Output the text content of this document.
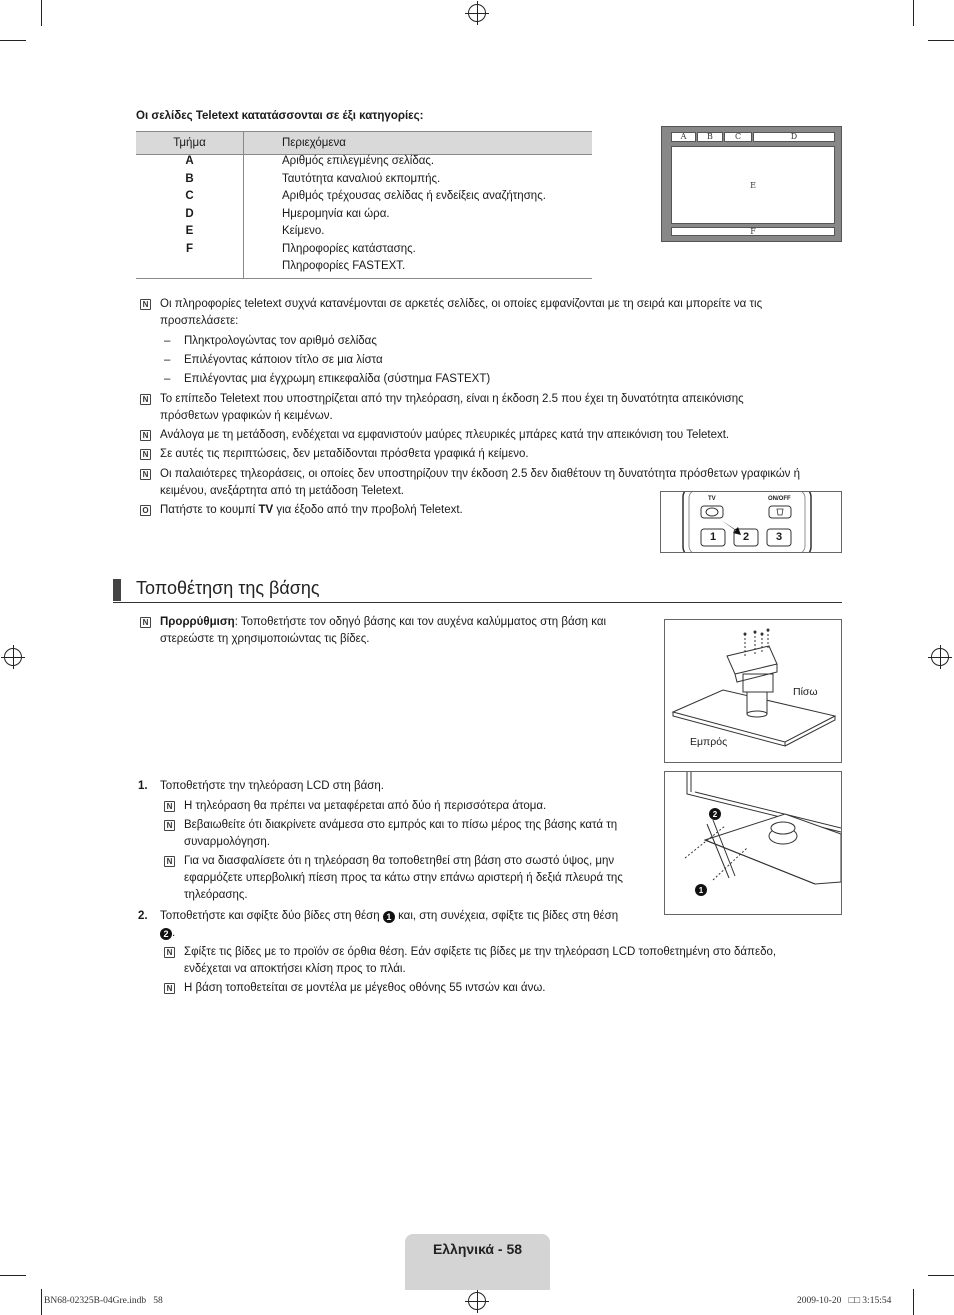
Οι σελίδες Teletext κατατάσσονται σε έξι κατηγορίες:
Τμήμα	Περιεχόμενα
A	Αριθμός επιλεγμένης σελίδας.
B	Ταυτότητα καναλιού εκπομπής.
C	Αριθμός τρέχουσας σελίδας ή ενδείξεις αναζήτησης.
D	Ημερομηνία και ώρα.
E	Κείμενο.
F	Πληροφορίες κατάστασης.
	Πληροφορίες FASTEXT.
A	B	C	D
E
F
N
Οι πληροφορίες teletext συχνά κατανέμονται σε αρκετές σελίδες, οι οποίες εμφανίζονται με τη σειρά και μπορείτε να τις
προσπελάσετε:
– Πληκτρολογώντας τον αριθμό σελίδας
– Επιλέγοντας κάποιον τίτλο σε μια λίστα
– Επιλέγοντας μια έγχρωμη επικεφαλίδα (σύστημα FASTEXT)
N
Το επίπεδο Teletext που υποστηρίζεται από την τηλεόραση, είναι η έκδοση 2.5 που έχει τη δυνατότητα απεικόνισης
πρόσθετων γραφικών ή κειμένων.
N
Ανάλογα με τη μετάδοση, ενδέχεται να εμφανιστούν μαύρες πλευρικές μπάρες κατά την απεικόνιση του Teletext.
N
Σε αυτές τις περιπτώσεις, δεν μεταδίδονται πρόσθετα γραφικά ή κείμενο.
N
Οι παλαιότερες τηλεοράσεις, οι οποίες δεν υποστηρίζουν την έκδοση 2.5 δεν διαθέτουν τη δυνατότητα πρόσθετων γραφικών ή
κειμένου, ανεξάρτητα από τη μετάδοση Teletext.
O
Πατήστε το κουμπί TV για έξοδο από την προβολή Teletext.
TV	ON/OFF
1	2	3
Τοποθέτηση της βάσης
N
Προρρύθμιση: Τοποθετήστε τον οδηγό βάσης και τον αυχένα καλύμματος στη βάση και
στερεώστε τη χρησιμοποιώντας τις βίδες.
Πίσω
Εμπρός
2
1
1. Τοποθετήστε την τηλεόραση LCD στη βάση.
N
Η τηλεόραση θα πρέπει να μεταφέρεται από δύο ή περισσότερα άτομα.
N
Βεβαιωθείτε ότι διακρίνετε ανάμεσα στο εμπρός και το πίσω μέρος της βάσης κατά τη
συναρμολόγηση.
N
Για να διασφαλίσετε ότι η τηλεόραση θα τοποθετηθεί στη βάση στο σωστό ύψος, μην
εφαρμόζετε υπερβολική πίεση προς τα κάτω στην επάνω αριστερή ή δεξιά πλευρά της
τηλεόρασης.
2. Τοποθετήστε και σφίξτε δύο βίδες στη θέση 1 και, στη συνέχεια, σφίξτε τις βίδες στη θέση
2 .
N
Σφίξτε τις βίδες με το προϊόν σε όρθια θέση. Εάν σφίξετε τις βίδες με την τηλεόραση LCD τοποθετημένη στο δάπεδο,
ενδέχεται να αποκτήσει κλίση προς το πλάι.
N
Η βάση τοποθετείται σε μοντέλα με μέγεθος οθόνης 55 ιντσών και άνω.
Ελληνικά - 58
BN68-02325B-04Gre.indb   58	2009-10-20   □□ 3:15:54
